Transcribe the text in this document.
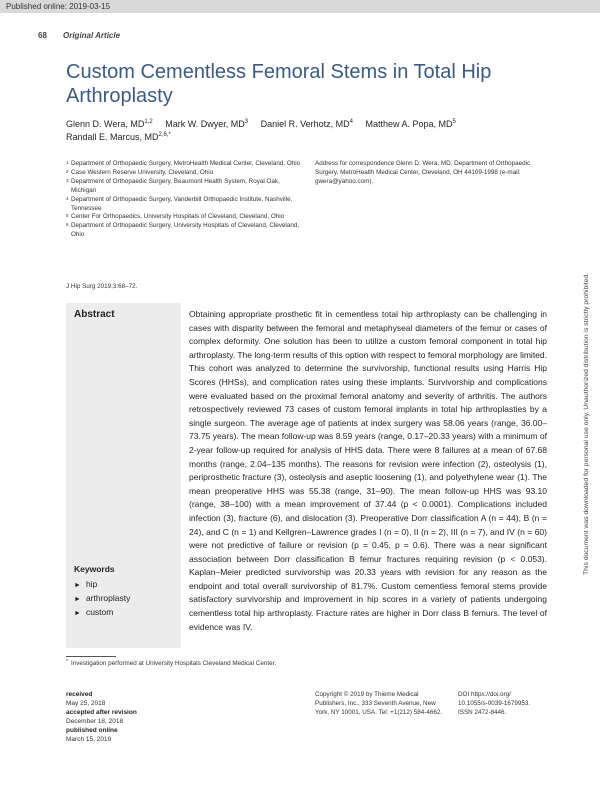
Published online: 2019-03-15
68 Original Article
Custom Cementless Femoral Stems in Total Hip Arthroplasty
Glenn D. Wera, MD$^{1,2}$ Mark W. Dwyer, $MD^3$ Daniel R. Verhotz, $MD^4$ Matthew A. Popa, $MD^5$
Randall E. Marcus, $MD^{2,6,*}$
1 Department of Orthopaedic Surgery, MetroHealth Medical Center, Cleveland, Ohio
2 Case Western Reserve University, Cleveland, Ohio
3 Department of Orthopaedic Surgery, Beaumont Health System, Royal Oak, Michigan
4 Department of Orthopaedic Surgery, Vanderbilt Orthopaedic Institute, Nashville, Tennessee
5 Center For Orthopaedics, University Hospitals of Cleveland, Cleveland, Ohio
6 Department of Orthopaedic Surgery, University Hospitals of Cleveland, Cleveland, Ohio
Address for correspondence Glenn D. Wera, MD, Department of Orthopaedic Surgery, MetroHealth Medical Center, Cleveland, OH 44109-1998 (e-mail: gwera@yahoo.com).
J Hip Surg 2019;3:68–72.
Abstract	Obtaining appropriate prosthetic fit in cementless total hip arthroplasty can be challenging in cases with disparity between the femoral and metaphyseal diameters of the femur or cases of complex deformity. One solution has been to utilize a custom femoral component in total hip arthroplasty. The long-term results of this option with respect to femoral morphology are limited. This cohort was analyzed to determine the survivorship, functional results using Harris Hip Scores (HHSs), and complication rates using these implants. Survivorship and complications were evaluated based on the proximal femoral anatomy and severity of arthritis. The authors retrospectively reviewed 73 cases of custom femoral implants in total hip arthroplasties by a single surgeon. The average age of patients at index surgery was 58.06 years (range, 36.00–73.75 years). The mean follow-up was 8.59 years (range, 0.17–20.33 years) with a minimum of 2-year follow-up required for analysis of HHS data. There were 8 failures at a mean of 67.68 months (range, 2.04–135 months). The reasons for revision were infection (2), osteolysis (1), periprosthetic fracture (3), osteolysis and aseptic loosening (1), and polyethylene wear (1). The mean preoperative HHS was 55.38 (range, 31–90). The mean follow-up HHS was 93.10 (range, 38–100) with a mean improvement of 37.44 (p < 0.0001). Complications included infection (3), fracture (6), and dislocation (3). Preoperative Dorr classification A (n = 44), B (n = 24), and C (n = 1) and Kellgren–Lawrence grades I (n = 0), II (n = 2), III (n = 7), and IV (n = 60) were not predictive of failure or revision (p = 0.45, p = 0.6). There was a near significant association between Dorr classification B femur fractures requiring revision (p < 0.053). Kaplan–Meier predicted survivorship was 20.33 years with revision for any reason as the endpoint and total overall survivorship of 81.7%. Custom cementless femoral stems provide satisfactory survivorship and improvement in hip scores in a variety of patients undergoing cementless total hip arthroplasty. Fracture rates are higher in Dorr class B femurs. The level of evidence was IV.
Keywords
► hip
► arthroplasty
► custom
* Investigation performed at University Hospitals Cleveland Medical Center.
received
May 25, 2018
accepted after revision
December 18, 2018
published online
March 15, 2019
Copyright © 2019 by Thieme Medical Publishers, Inc., 333 Seventh Avenue, New York, NY 10001, USA. Tel: +1(212) 584-4662.
DOI https://doi.org/
10.1055/s-0039-1679953.
ISSN 2472-8446.
This document was downloaded for personal use only. Unauthorized distribution is strictly prohibited.
